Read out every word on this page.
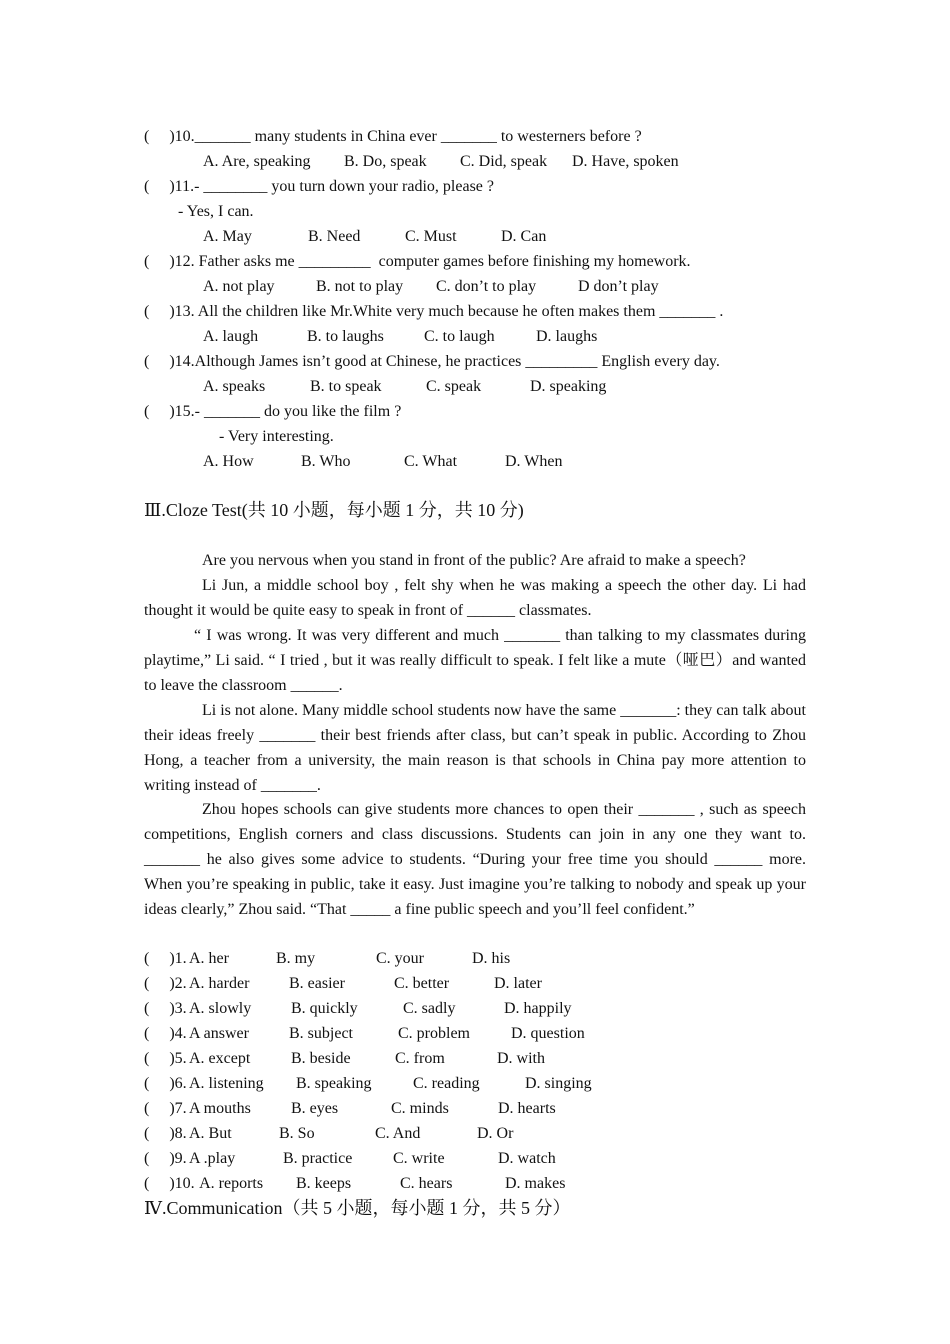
(     )10._______ many students in China ever _______ to westerners before ?
A. Are, speaking B. Do, speak C. Did, speak D. Have, spoken
(     )11.- ________ you turn down your radio, please ?
- Yes, I can.
A. May	B. Need	C. Must	D. Can
(     )12. Father asks me _________  computer games before finishing my homework.
A. not play	B. not to play C. don’t to play	D don’t play
(     )13. All the children like Mr.White very much because he often makes them _______ .
A. laugh	B. to laughs	C. to laugh	D. laughs
(     )14.Although James isn’t good at Chinese, he practices _________ English every day.
A. speaks	B. to speak	C. speak	D. speaking
(     )15.- _______ do you like the film ?
- Very interesting.
A. How	B. Who	C. What	D. When
Ⅲ.Cloze Test(共 10 小题，每小题 1 分，共 10 分)
Are you nervous when you stand in front of the public? Are afraid to make a speech?
Li Jun, a middle school boy , felt shy when he was making a speech the other day. Li had thought it would be quite easy to speak in front of ______ classmates.
“ I was wrong. It was very different and much _______ than talking to my classmates during playtime,” Li said. “ I tried , but it was really difficult to speak. I felt like a mute（哑巴）and wanted to leave the classroom ______.
Li is not alone. Many middle school students now have the same _______: they can talk about their ideas freely _______ their best friends after class, but can’t speak in public. According to Zhou Hong, a teacher from a university, the main reason is that schools in China pay more attention to writing instead of _______.
Zhou hopes schools can give students more chances to open their _______ , such as speech competitions, English corners and class discussions. Students can join in any one they want to. _______ he also gives some advice to students. “During your free time you should ______ more. When you’re speaking in public, take it easy. Just imagine you’re talking to nobody and speak up your ideas clearly,” Zhou said. “That _____ a fine public speech and you’ll feel confident.”
(     )1. A. her	B. my	C. your	D. his
(     )2. A. harder B. easier	C. better	D. later
(     )3. A. slowly B. quickly	C. sadly	D. happily
(     )4. A answer	B. subject	C. problem	D. question
(     )5. A. except	B. beside	C. from	D. with
(     )6. A. listening B. speaking	C. reading	D. singing
(     )7. A mouths	B. eyes	C. minds	D. hearts
(     )8. A. But	B. So	C. And	D. Or
(     )9. A .play	B. practice	C. write	D. watch
(     )10. A. reports B. keeps	C. hears	D. makes
Ⅳ.Communication（共 5 小题，每小题 1 分，共 5 分）
